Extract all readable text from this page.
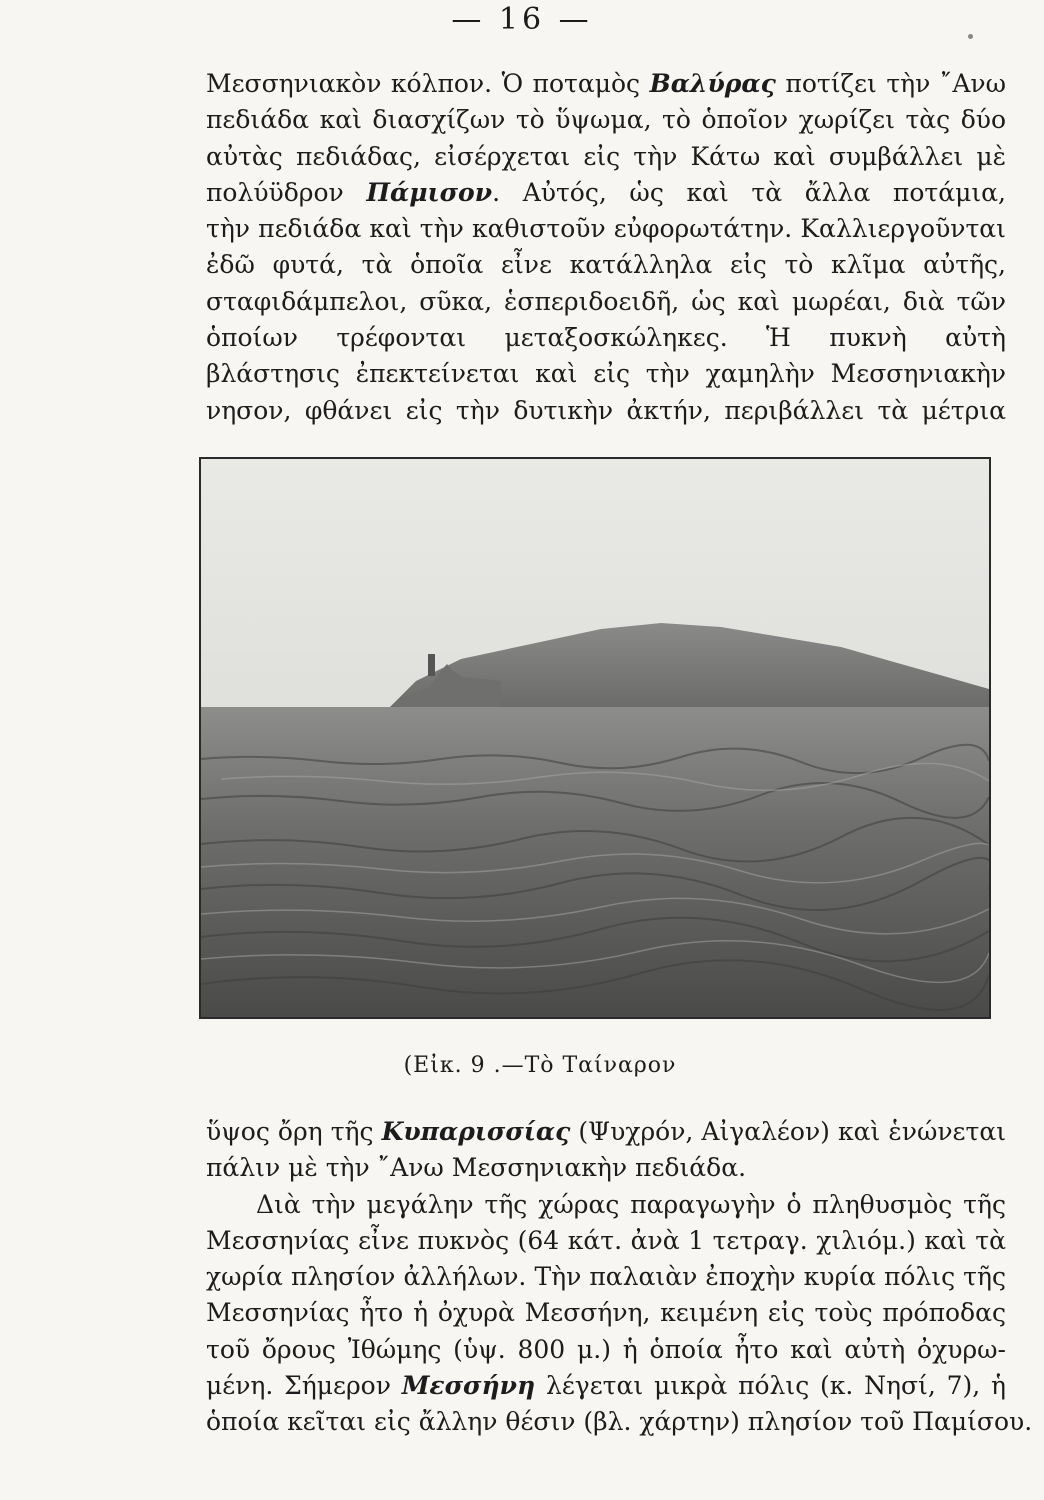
— 16 —
Μεσσηνιακὸν κόλπον. Ὁ ποταμὸς Βαλύρας ποτίζει τὴν ῎Ανω
πεδιάδα καὶ διασχίζων τὸ ὕψωμα, τὸ ὁποῖον χωρίζει τὰς δύο
αὐτὰς πεδιάδας, εἰσέρχεται εἰς τὴν Κάτω καὶ συμβάλλει μὲ
πολύϋδρον Πάμισον. Αὐτός, ὡς καὶ τὰ ἄλλα ποτάμια,
τὴν πεδιάδα καὶ τὴν καθιστοῦν εὐφορωτάτην. Καλλιεργοῦνται
ἐδῶ φυτά, τὰ ὁποῖα εἶνε κατάλληλα εἰς τὸ κλῖμα αὐτῆς,
σταφιδάμπελοι, σῦκα, ἑσπεριδοειδῆ, ὡς καὶ μωρέαι, διὰ τῶν
ὁποίων τρέφονται μεταξοσκώληκες. Ἡ πυκνὴ αὐτὴ
βλάστησις ἐπεκτείνεται καὶ εἰς τὴν χαμηλὴν Μεσσηνιακὴν
νησον, φθάνει εἰς τὴν δυτικὴν ἀκτήν, περιβάλλει τὰ μέτρια
(Εἰκ. 9 .—Τὸ Ταίναρον
ὕψος ὄρη τῆς Κυπαρισσίας (Ψυχρόν, Αἰγαλέον) καὶ ἑνώνεται
πάλιν μὲ τὴν ῎Ανω Μεσσηνιακὴν πεδιάδα.
Διὰ τὴν μεγάλην τῆς χώρας παραγωγὴν ὁ πληθυσμὸς τῆς
Μεσσηνίας εἶνε πυκνὸς (64 κάτ. ἀνὰ 1 τετραγ. χιλιόμ.) καὶ τὰ
χωρία πλησίον ἀλλήλων. Τὴν παλαιὰν ἐποχὴν κυρία πόλις τῆς
Μεσσηνίας ἦτο ἡ ὀχυρὰ Μεσσήνη, κειμένη εἰς τοὺς πρόποδας
τοῦ ὄρους Ἰθώμης (ὑψ. 800 μ.) ἡ ὁποία ἦτο καὶ αὐτὴ ὀχυρω-
μένη. Σήμερον Μεσσήνη λέγεται μικρὰ πόλις (κ. Νησί, 7), ἡ
ὁποία κεῖται εἰς ἄλλην θέσιν (βλ. χάρτην) πλησίον τοῦ Παμίσου.
